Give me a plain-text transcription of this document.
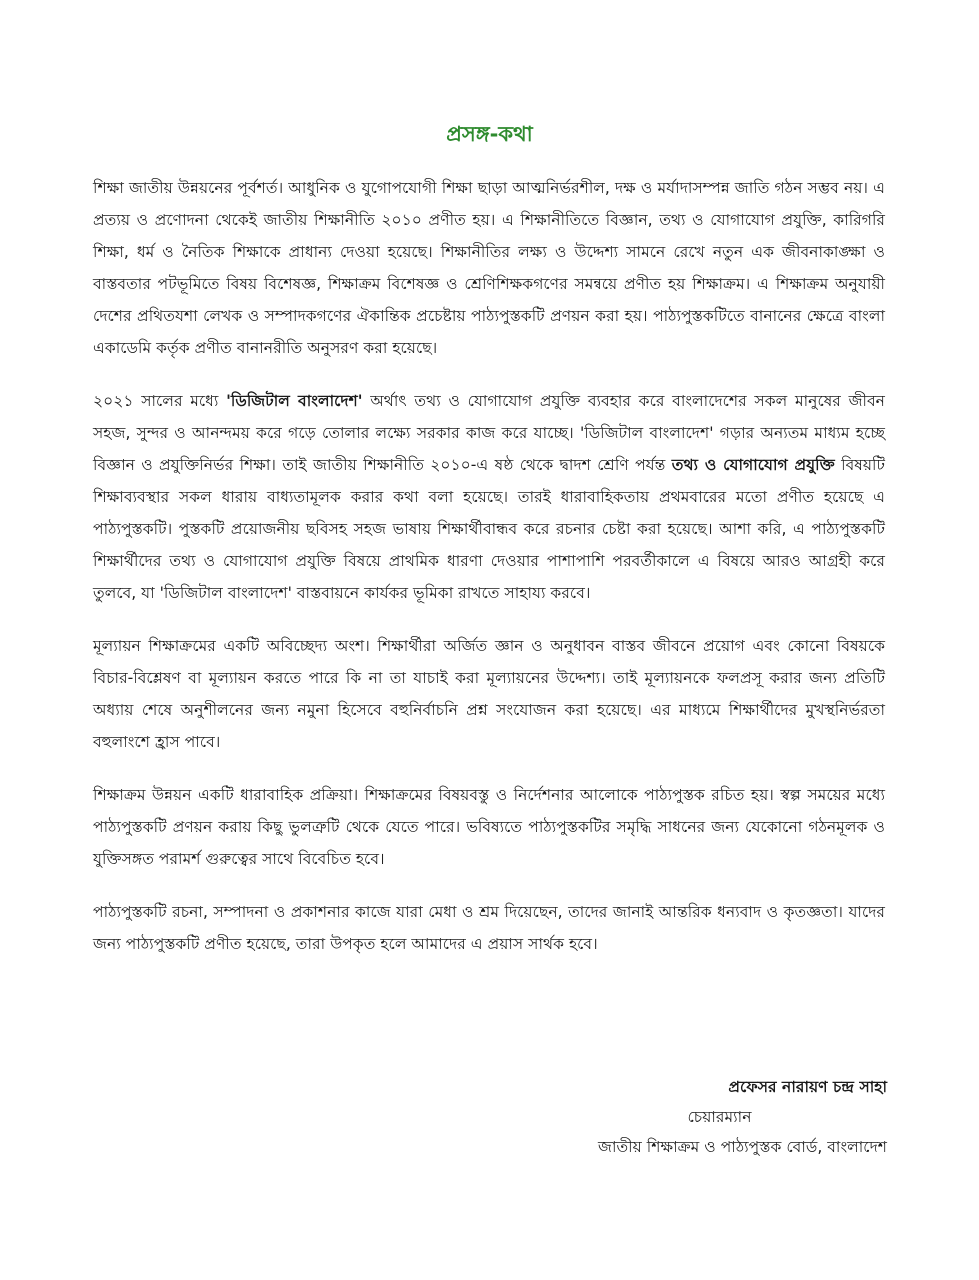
প্রসঙ্গ-কথা

শিক্ষা জাতীয় উন্নয়নের পূর্বশর্ত। আধুনিক ও যুগোপযোগী শিক্ষা ছাড়া আত্মনির্ভরশীল, দক্ষ ও মর্যাদাসম্পন্ন জাতি গঠন সম্ভব নয়। এ প্রত্যয় ও প্রণোদনা থেকেই জাতীয় শিক্ষানীতি ২০১০ প্রণীত হয়। এ শিক্ষানীতিতে বিজ্ঞান, তথ্য ও যোগাযোগ প্রযুক্তি, কারিগরি শিক্ষা, ধর্ম ও নৈতিক শিক্ষাকে প্রাধান্য দেওয়া হয়েছে। শিক্ষানীতির লক্ষ্য ও উদ্দেশ্য সামনে রেখে নতুন এক জীবনাকাঙ্ক্ষা ও বাস্তবতার পটভূমিতে বিষয় বিশেষজ্ঞ, শিক্ষাক্রম বিশেষজ্ঞ ও শ্রেণিশিক্ষকগণের সমন্বয়ে প্রণীত হয় শিক্ষাক্রম। এ শিক্ষাক্রম অনুযায়ী দেশের প্রথিতযশা লেখক ও সম্পাদকগণের ঐকান্তিক প্রচেষ্টায় পাঠ্যপুস্তকটি প্রণয়ন করা হয়। পাঠ্যপুস্তকটিতে বানানের ক্ষেত্রে বাংলা একাডেমি কর্তৃক প্রণীত বানানরীতি অনুসরণ করা হয়েছে।

২০২১ সালের মধ্যে 'ডিজিটাল বাংলাদেশ' অর্থাৎ তথ্য ও যোগাযোগ প্রযুক্তি ব্যবহার করে বাংলাদেশের সকল মানুষের জীবন সহজ, সুন্দর ও আনন্দময় করে গড়ে তোলার লক্ষ্যে সরকার কাজ করে যাচ্ছে। 'ডিজিটাল বাংলাদেশ' গড়ার অন্যতম মাধ্যম হচ্ছে বিজ্ঞান ও প্রযুক্তিনির্ভর শিক্ষা। তাই জাতীয় শিক্ষানীতি ২০১০-এ ষষ্ঠ থেকে দ্বাদশ শ্রেণি পর্যন্ত তথ্য ও যোগাযোগ প্রযুক্তি বিষয়টি শিক্ষাব্যবস্থার সকল ধারায় বাধ্যতামূলক করার কথা বলা হয়েছে। তারই ধারাবাহিকতায় প্রথমবারের মতো প্রণীত হয়েছে এ পাঠ্যপুস্তকটি। পুস্তকটি প্রয়োজনীয় ছবিসহ সহজ ভাষায় শিক্ষার্থীবান্ধব করে রচনার চেষ্টা করা হয়েছে। আশা করি, এ পাঠ্যপুস্তকটি শিক্ষার্থীদের তথ্য ও যোগাযোগ প্রযুক্তি বিষয়ে প্রাথমিক ধারণা দেওয়ার পাশাপাশি পরবর্তীকালে এ বিষয়ে আরও আগ্রহী করে তুলবে, যা 'ডিজিটাল বাংলাদেশ' বাস্তবায়নে কার্যকর ভূমিকা রাখতে সাহায্য করবে।

মূল্যায়ন শিক্ষাক্রমের একটি অবিচ্ছেদ্য অংশ। শিক্ষার্থীরা অর্জিত জ্ঞান ও অনুধাবন বাস্তব জীবনে প্রয়োগ এবং কোনো বিষয়কে বিচার-বিশ্লেষণ বা মূল্যায়ন করতে পারে কি না তা যাচাই করা মূল্যায়নের উদ্দেশ্য। তাই মূল্যায়নকে ফলপ্রসূ করার জন্য প্রতিটি অধ্যায় শেষে অনুশীলনের জন্য নমুনা হিসেবে বহুনির্বাচনি প্রশ্ন সংযোজন করা হয়েছে। এর মাধ্যমে শিক্ষার্থীদের মুখস্থনির্ভরতা বহুলাংশে হ্রাস পাবে।

শিক্ষাক্রম উন্নয়ন একটি ধারাবাহিক প্রক্রিয়া। শিক্ষাক্রমের বিষয়বস্তু ও নির্দেশনার আলোকে পাঠ্যপুস্তক রচিত হয়। স্বল্প সময়ের মধ্যে পাঠ্যপুস্তকটি প্রণয়ন করায় কিছু ভুলত্রুটি থেকে যেতে পারে। ভবিষ্যতে পাঠ্যপুস্তকটির সমৃদ্ধি সাধনের জন্য যেকোনো গঠনমূলক ও যুক্তিসঙ্গত পরামর্শ গুরুত্বের সাথে বিবেচিত হবে।

পাঠ্যপুস্তকটি রচনা, সম্পাদনা ও প্রকাশনার কাজে যারা মেধা ও শ্রম দিয়েছেন, তাদের জানাই আন্তরিক ধন্যবাদ ও কৃতজ্ঞতা। যাদের জন্য পাঠ্যপুস্তকটি প্রণীত হয়েছে, তারা উপকৃত হলে আমাদের এ প্রয়াস সার্থক হবে।

প্রফেসর নারায়ণ চন্দ্র সাহা
চেয়ারম্যান
জাতীয় শিক্ষাক্রম ও পাঠ্যপুস্তক বোর্ড, বাংলাদেশ
